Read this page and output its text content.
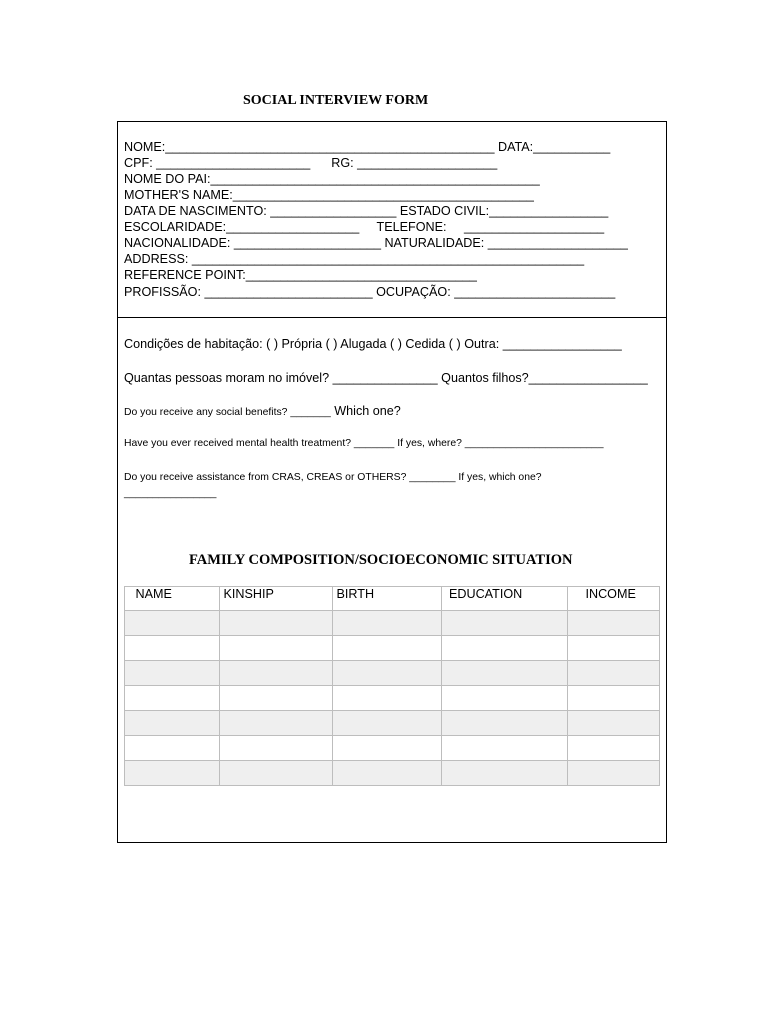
SOCIAL INTERVIEW FORM
NOME:_______________________________________________ DATA:___________
CPF: ______________________      RG: ____________________
NOME DO PAI:_______________________________________________
MOTHER'S NAME:___________________________________________
DATA DE NASCIMENTO: __________________ ESTADO CIVIL:_________________
ESCOLARIDADE:___________________     TELEFONE:     ____________________
NACIONALIDADE: _____________________ NATURALIDADE: ____________________
ADDRESS: ________________________________________________________
REFERENCE POINT:_________________________________
PROFISSÃO: ________________________ OCUPAÇÃO: _______________________
Condições de habitação: ( ) Própria ( ) Alugada ( ) Cedida ( ) Outra: _________________
Quantas pessoas moram no imóvel? _______________ Quantos filhos?_________________
Do you receive any social benefits? _______ Which one?
Have you ever received mental health treatment? _______ If yes, where? ________________________
Do you receive assistance from CRAS, CREAS or OTHERS? ________ If yes, which one?
________________
FAMILY COMPOSITION/SOCIOECONOMIC SITUATION
NAME	KINSHIP	BIRTH	EDUCATION	INCOME
